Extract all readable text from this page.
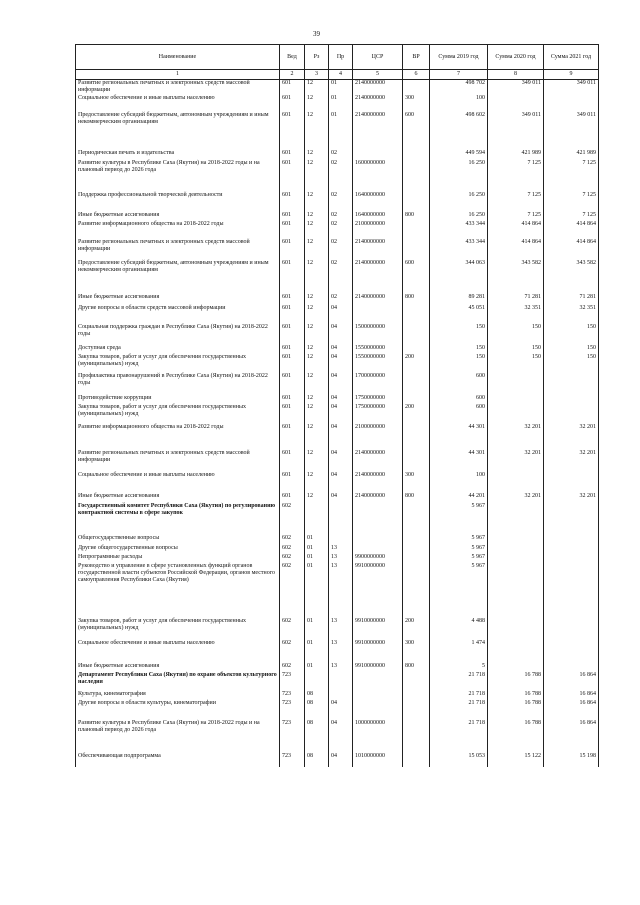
39
Наименование	Вед	Рз	Пр	ЦСР	ВР	Сумма 2019 год	Сумма 2020 год	Сумма 2021 год
1	2	3	4	5	6	7	8	9
Развитие региональных печатных и электронных средств массовой информации	601	12	01	2140000000		498 702	349 011	349 011
Социальное обеспечение и иные выплаты населению	601	12	01	2140000000	300	100		
Предоставление субсидий бюджетным, автономным учреждениям и иным некоммерческим организациям	601	12	01	2140000000	600	498 602	349 011	349 011
Периодическая печать и издательства	601	12	02			449 594	421 989	421 989
Развитие культуры в Республике Саха (Якутия) на 2018-2022 годы и на плановый период до 2026 года	601	12	02	1600000000		16 250	7 125	7 125
Поддержка профессиональной творческой деятельности	601	12	02	1640000000		16 250	7 125	7 125
Иные бюджетные ассигнования	601	12	02	1640000000	800	16 250	7 125	7 125
Развитие информационного общества на 2018-2022 годы	601	12	02	2100000000		433 344	414 864	414 864
Развитие региональных печатных и электронных средств массовой информации	601	12	02	2140000000		433 344	414 864	414 864
Предоставление субсидий бюджетным, автономным учреждениям и иным некоммерческим организациям	601	12	02	2140000000	600	344 063	343 582	343 582
Иные бюджетные ассигнования	601	12	02	2140000000	800	89 281	71 281	71 281
Другие вопросы в области средств массовой информации	601	12	04			45 051	32 351	32 351
Социальная поддержка граждан в Республике Саха (Якутия) на 2018-2022 годы	601	12	04	1500000000		150	150	150
Доступная среда	601	12	04	1550000000		150	150	150
Закупка товаров, работ и услуг для обеспечения государственных (муниципальных) нужд	601	12	04	1550000000	200	150	150	150
Профилактика правонарушений в Республике Саха (Якутия) на 2018-2022 годы	601	12	04	1700000000		600		
Противодействие коррупции	601	12	04	1750000000		600		
Закупка товаров, работ и услуг для обеспечения государственных (муниципальных) нужд	601	12	04	1750000000	200	600		
Развитие информационного общества на 2018-2022 годы	601	12	04	2100000000		44 301	32 201	32 201
Развитие региональных печатных и электронных средств массовой информации	601	12	04	2140000000		44 301	32 201	32 201
Социальное обеспечение и иные выплаты населению	601	12	04	2140000000	300	100		
Иные бюджетные ассигнования	601	12	04	2140000000	800	44 201	32 201	32 201
Государственный комитет Республики Саха (Якутия) по регулированию контрактной системы в сфере закупок	602					5 967		
Общегосударственные вопросы	602	01				5 967		
Другие общегосударственные вопросы	602	01	13			5 967		
Непрограммные расходы	602	01	13	9900000000		5 967		
Руководство и управление в сфере установленных функций органов государственной власти субъектов Российской Федерации, органов местного самоуправления Республики Саха (Якутия)	602	01	13	9910000000		5 967		
Закупка товаров, работ и услуг для обеспечения государственных (муниципальных) нужд	602	01	13	9910000000	200	4 488		
Социальное обеспечение и иные выплаты населению	602	01	13	9910000000	300	1 474		
Иные бюджетные ассигнования	602	01	13	9910000000	800	5		
Департамент Республики Саха (Якутия) по охране объектов культурного наследия	723					21 718	16 788	16 864
Культура, кинематография	723	08				21 718	16 788	16 864
Другие вопросы в области культуры, кинематографии	723	08	04			21 718	16 788	16 864
Развитие культуры в Республике Саха (Якутия) на 2018-2022 годы и на плановый период до 2026 года	723	08	04	1000000000		21 718	16 788	16 864
Обеспечивающая подпрограмма	723	08	04	1010000000		15 053	15 122	15 198
